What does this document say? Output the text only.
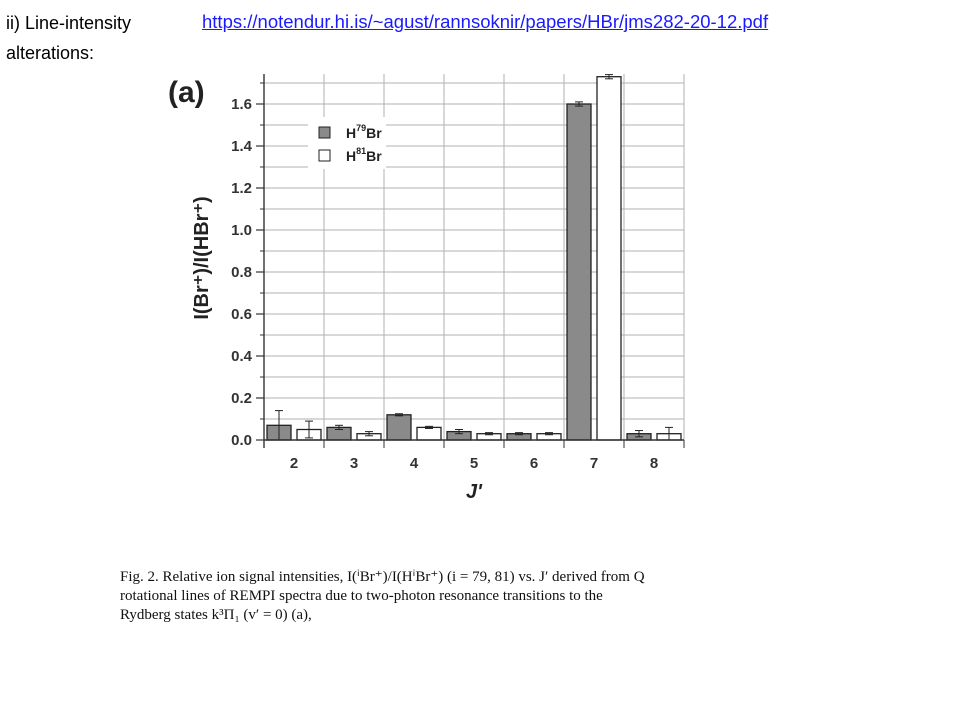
ii) Line-intensity alterations:
https://notendur.hi.is/~agust/rannsoknir/papers/HBr/jms282-20-12.pdf
(a)
2	3	4	5	6	7	8
0.0
0.2
0.4
0.6
0.8
1.0
1.2
1.4
1.6
I(Br⁺)/I(HBr⁺)
J'
$H^{79}Br$
$H^{81}Br$
Fig. 2. Relative ion signal intensities, I(ⁱBr⁺)/I(HⁱBr⁺) (i = 79, 81) vs. J′ derived from Q
rotational lines of REMPI spectra due to two-photon resonance transitions to the
Rydberg states k³Π₁ (v′ = 0) (a),
